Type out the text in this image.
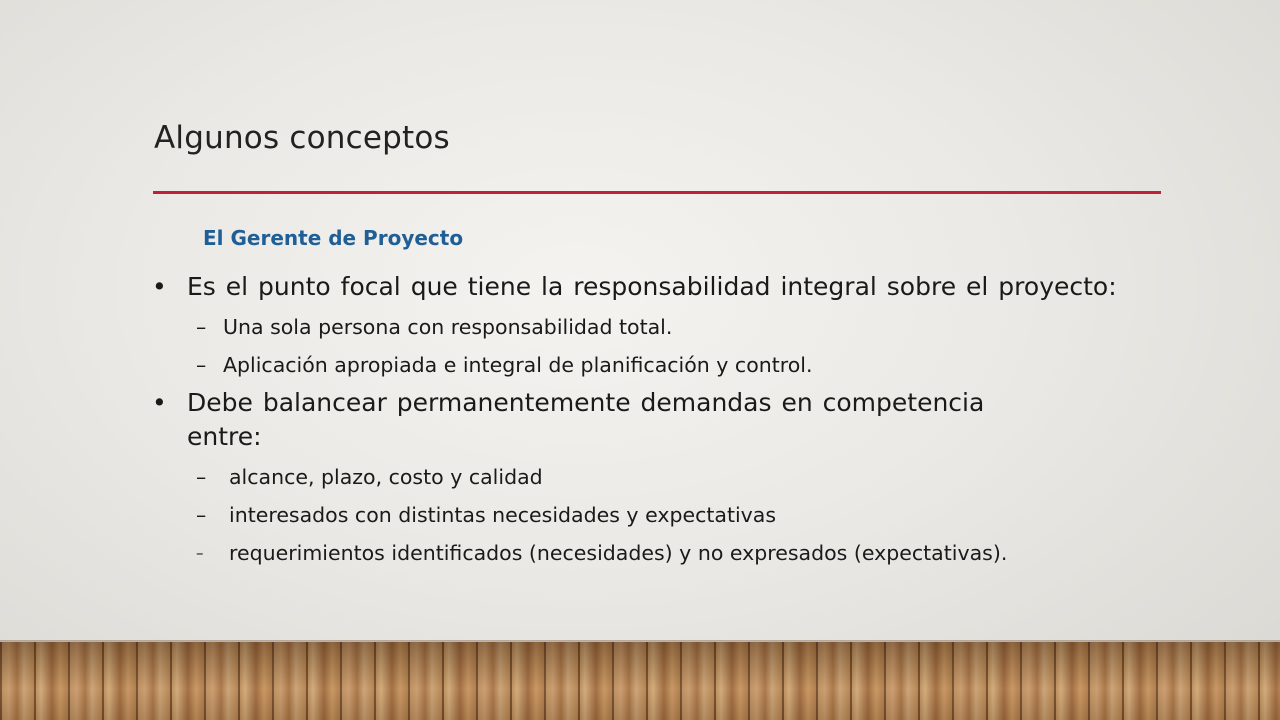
Algunos conceptos
El Gerente de Proyecto
• Es el punto focal que tiene la responsabilidad integral sobre el proyecto:
– Una sola persona con responsabilidad total.
– Aplicación apropiada e integral de planificación y control.
• Debe balancear permanentemente demandas en competencia entre:
–	alcance, plazo, costo y calidad
–	interesados con distintas necesidades y expectativas
–	requerimientos identificados (necesidades) y no expresados (expectativas).
